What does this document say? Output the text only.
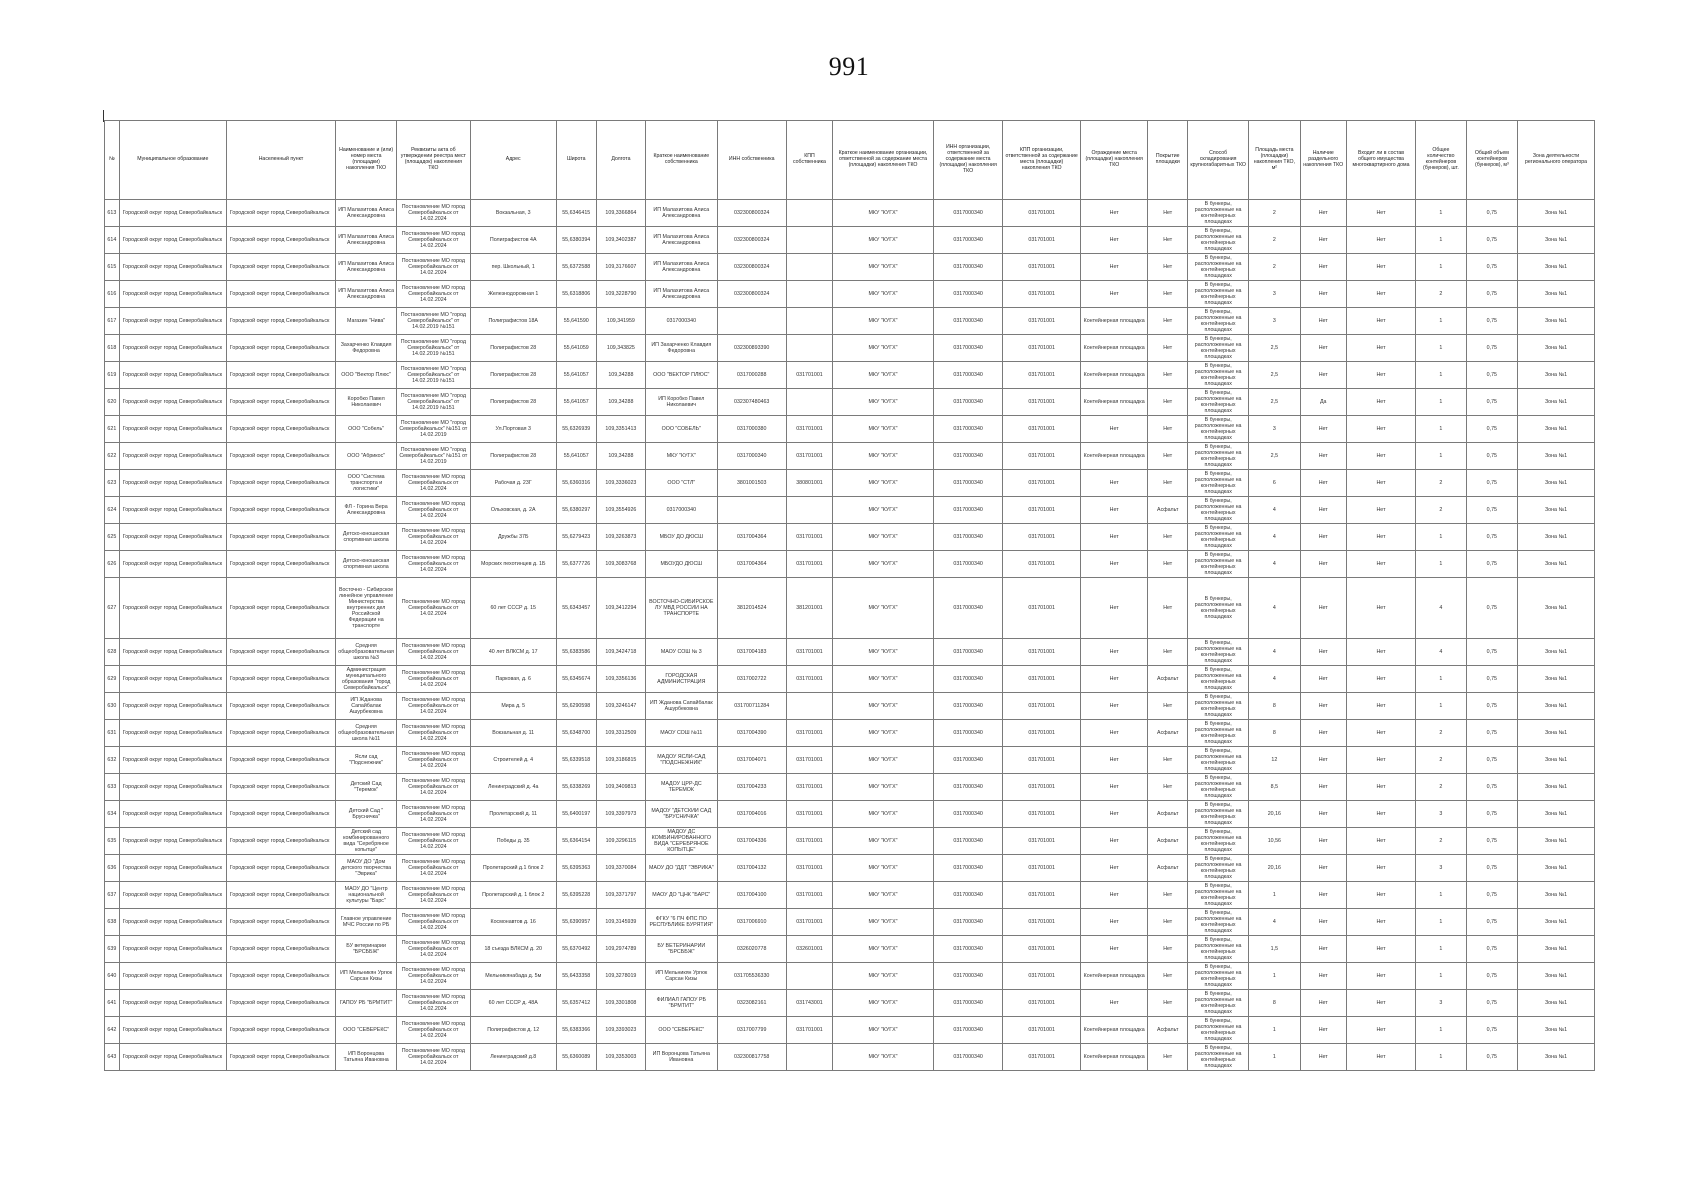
991
№	Муниципальное образование	Населенный пункт	Наименование и (или) номер места (площадки) накопления ТКО	Реквизиты акта об утверждении реестра мест (площадок) накопления ТКО	Адрес	Широта	Долгота	Краткое наименование собственника	ИНН собственника	КПП собственника	Краткое наименование организации, ответственной за содержание места (площадки) накопления ТКО	ИНН организации, ответственной за содержание места (площадки) накопления ТКО	КПП организации, ответственной за содержание места (площадки) накопления ТКО	Ограждение места (площадки) накопления ТКО	Покрытие площадки	Способ складирования крупногабаритных ТКО	Площадь места (площадки) накопления ТКО, м²	Наличие раздельного накопления ТКО	Входит ли в состав общего имущества многоквартирного дома	Общее количество контейнеров (бункеров), шт.	Общий объем контейнеров (бункеров), м³	Зона деятельности регионального оператора

613	Городской округ город Северобайкальск	Городской округ город Северобайкальск	ИП Малахитова Алиса Александровна	Постановление МО город Северобайкальск от 14.02.2024	Вокзальная, 3	55,6346415	109,3366864	ИП Малахитова Алиса Александровна	032300800324		МКУ "КУГХ"	0317000340	031701001	Нет	Нет	В бункеры, расположенные на контейнерных площадках	2	Нет	Нет	1	0,75	Зона №1

614	Городской округ город Северобайкальск	Городской округ город Северобайкальск	ИП Малахитова Алиса Александровна	Постановление МО город Северобайкальск от 14.02.2024	Полиграфистов 4А	55,6380394	109,3402387	ИП Малахитова Алиса Александровна	032300800324		МКУ "КУГХ"	0317000340	031701001	Нет	Нет	В бункеры, расположенные на контейнерных площадках	2	Нет	Нет	1	0,75	Зона №1

615	Городской округ город Северобайкальск	Городской округ город Северобайкальск	ИП Малахитова Алиса Александровна	Постановление МО город Северобайкальск от 14.02.2024	пер. Школьный, 1	55,6372588	109,3176607	ИП Малахитова Алиса Александровна	032300800324		МКУ "КУГХ"	0317000340	031701001	Нет	Нет	В бункеры, расположенные на контейнерных площадках	2	Нет	Нет	1	0,75	Зона №1

616	Городской округ город Северобайкальск	Городской округ город Северобайкальск	ИП Малахитова Алиса Александровна	Постановление МО город Северобайкальск от 14.02.2024	Железнодорожная 1	55,6318806	109,3228790	ИП Малахитова Алиса Александровна	032300800324		МКУ "КУГХ"	0317000340	031701001	Нет	Нет	В бункеры, расположенные на контейнерных площадках	3	Нет	Нет	2	0,75	Зона №1

617	Городской округ город Северобайкальск	Городской округ город Северобайкальск	Магазин "Нива"	Постановление МО "город Северобайкальск" от 14.02.2019 №151	Полиграфистов 18А	55,641590	109,341959	0317000340			МКУ "КУГХ"	0317000340	031701001	Контейнерная площадка	Нет	В бункеры, расположенные на контейнерных площадках	3	Нет	Нет	1	0,75	Зона №1

618	Городской округ город Северобайкальск	Городской округ город Северобайкальск	Захарченко Клавдия Федоровна	Постановление МО "город Северобайкальск" от 14.02.2019 №151	Полиграфистов 28	55,641059	109,343825	ИП Захарченко Клавдия Федоровна	032300893390		МКУ "КУГХ"	0317000340	031701001	Контейнерная площадка	Нет	В бункеры, расположенные на контейнерных площадках	2,5	Нет	Нет	1	0,75	Зона №1

619	Городской округ город Северобайкальск	Городской округ город Северобайкальск	ООО "Вектор Плюс"	Постановление МО "город Северобайкальск" от 14.02.2019 №151	Полиграфистов 28	55,641057	109,34288	ООО "ВЕКТОР ПЛЮС"	0317000288	031701001	МКУ "КУГХ"	0317000340	031701001	Контейнерная площадка	Нет	В бункеры, расположенные на контейнерных площадках	2,5	Нет	Нет	1	0,75	Зона №1

620	Городской округ город Северобайкальск	Городской округ город Северобайкальск	Коробко Павел Николаевич	Постановление МО "город Северобайкальск" от 14.02.2019 №151	Полиграфистов 28	55,641057	109,34288	ИП Коробко Павел Николаевич	032307480463		МКУ "КУГХ"	0317000340	031701001	Контейнерная площадка	Нет	В бункеры, расположенные на контейнерных площадках	2,5	Да	Нет	1	0,75	Зона №1

621	Городской округ город Северобайкальск	Городской округ город Северобайкальск	ООО "Собель"	Постановление МО "город Северобайкальск" №151 от 14.02.2019	Ул.Портовая 3	55,6326939	109,3351413	ООО "СОБЕЛЬ"	0317000380	031701001	МКУ "КУГХ"	0317000340	031701001	Нет	Нет	В бункеры, расположенные на контейнерных площадках	3	Нет	Нет	1	0,75	Зона №1

622	Городской округ город Северобайкальск	Городской округ город Северобайкальск	ООО "Абрикос"	Постановление МО "город Северобайкальск" №151 от 14.02.2019	Полиграфистов 28	55,641057	109,34288	МКУ "КУГХ"	0317000340	031701001	МКУ "КУГХ"	0317000340	031701001	Контейнерная площадка	Нет	В бункеры, расположенные на контейнерных площадках	2,5	Нет	Нет	1	0,75	Зона №1

623	Городской округ город Северобайкальск	Городской округ город Северобайкальск	ООО "Система транспорта и логистики"	Постановление МО город Северобайкальск от 14.02.2024	Рабочая д. 23Г	55,6360316	109,3336023	ООО "СТЛ"	3801001503	380801001	МКУ "КУГХ"	0317000340	031701001	Нет	Нет	В бункеры, расположенные на контейнерных площадках	6	Нет	Нет	2	0,75	Зона №1

624	Городской округ город Северобайкальск	Городской округ город Северобайкальск	ФЛ - Горина Вера Александровна	Постановление МО город Северобайкальск от 14.02.2024	Ольховская, д. 2А	55,6380297	109,3554926	0317000340			МКУ "КУГХ"	0317000340	031701001	Нет	Асфальт	В бункеры, расположенные на контейнерных площадках	4	Нет	Нет	2	0,75	Зона №1

625	Городской округ город Северобайкальск	Городской округ город Северобайкальск	Детско-юношеская спортивная школа	Постановление МО город Северобайкальск от 14.02.2024	Дружбы 37Б	55,6279423	109,3263873	МБОУ ДО ДЮСШ	0317004364	031701001	МКУ "КУГХ"	0317000340	031701001	Нет	Нет	В бункеры, расположенные на контейнерных площадках	4	Нет	Нет	1	0,75	Зона №1

626	Городской округ город Северобайкальск	Городской округ город Северобайкальск	Детско-юношеская спортивная школа	Постановление МО город Северобайкальск от 14.02.2024	Морских пехотинцев д. 1Б	55,6377726	109,3083768	МБОУДО ДЮСШ	0317004364	031701001	МКУ "КУГХ"	0317000340	031701001	Нет	Нет	В бункеры, расположенные на контейнерных площадках	4	Нет	Нет	1	0,75	Зона №1

627	Городской округ город Северобайкальск	Городской округ город Северобайкальск	Восточно - Сибирское линейное управление Министерства внутренних дел Российской Федерации на транспорте	Постановление МО город Северобайкальск от 14.02.2024	60 лет СССР д. 15	55,6343457	109,3412294	ВОСТОЧНО-СИБИРСКОЕ ЛУ МВД РОССИИ НА ТРАНСПОРТЕ	3812014524	381201001	МКУ "КУГХ"	0317000340	031701001	Нет	Нет	В бункеры, расположенные на контейнерных площадках	4	Нет	Нет	4	0,75	Зона №1

628	Городской округ город Северобайкальск	Городской округ город Северобайкальск	Средняя общеобразовательная школа №3	Постановление МО город Северобайкальск от 14.02.2024	40 лет ВЛКСМ д. 17	55,6383586	109,3424718	МАОУ СОШ № 3	0317004183	031701001	МКУ "КУГХ"	0317000340	031701001	Нет	Нет	В бункеры, расположенные на контейнерных площадках	4	Нет	Нет	4	0,75	Зона №1

629	Городской округ город Северобайкальск	Городской округ город Северобайкальск	Администрация муниципального образования "город Северобайкальск"	Постановление МО город Северобайкальск от 14.02.2024	Парковая, д. 6	55,6345674	109,3356136	ГОРОДСКАЯ АДМИНИСТРАЦИЯ	0317002722	031701001	МКУ "КУГХ"	0317000340	031701001	Нет	Асфальт	В бункеры, расположенные на контейнерных площадках	4	Нет	Нет	1	0,75	Зона №1

630	Городской округ город Северобайкальск	Городской округ город Северобайкальск	ИП Жданова Сапайбалак Ашурбековна	Постановление МО город Северобайкальск от 14.02.2024	Мира д. 5	55,6290598	109,3246147	ИП Жданова Сапайбалак Ашурбековна	031700711284		МКУ "КУГХ"	0317000340	031701001	Нет	Нет	В бункеры, расположенные на контейнерных площадках	8	Нет	Нет	1	0,75	Зона №1

631	Городской округ город Северобайкальск	Городской округ город Северобайкальск	Средняя общеобразовательная школа №11	Постановление МО город Северобайкальск от 14.02.2024	Вокзальная д. 11	55,6348700	109,3312509	МАОУ СОШ №11	0317004390	031701001	МКУ "КУГХ"	0317000340	031701001	Нет	Асфальт	В бункеры, расположенные на контейнерных площадках	8	Нет	Нет	2	0,75	Зона №1

632	Городской округ город Северобайкальск	Городской округ город Северобайкальск	Ясли сад "Подснежник"	Постановление МО город Северобайкальск от 14.02.2024	Строителей д. 4	55,6339518	109,3186815	МАДОУ ЯСЛИ-САД "ПОДСНЕЖНИК"	0317004071	031701001	МКУ "КУГХ"	0317000340	031701001	Нет	Нет	В бункеры, расположенные на контейнерных площадках	12	Нет	Нет	2	0,75	Зона №1

633	Городской округ город Северобайкальск	Городской округ город Северобайкальск	Детский Сад "Теремок"	Постановление МО город Северобайкальск от 14.02.2024	Ленинградский д. 4а	55,6338269	109,3409813	МАДОУ ЦРР-ДС ТЕРЕМОК	0317004233	031701001	МКУ "КУГХ"	0317000340	031701001	Нет	Нет	В бункеры, расположенные на контейнерных площадках	8,5	Нет	Нет	2	0,75	Зона №1

634	Городской округ город Северобайкальск	Городской округ город Северобайкальск	Детский Сад " Брусничка"	Постановление МО город Северобайкальск от 14.02.2024	Пролетарский д. 11	55,6400197	109,3397973	МАДОУ "ДЕТСКИЙ САД "БРУСНИЧКА"	0317004016	031701001	МКУ "КУГХ"	0317000340	031701001	Нет	Асфальт	В бункеры, расположенные на контейнерных площадках	20,16	Нет	Нет	3	0,75	Зона №1

635	Городской округ город Северобайкальск	Городской округ город Северобайкальск	Детский сад комбинированного вида "Серебряное копытце"	Постановление МО город Северобайкальск от 14.02.2024	Победы д. 35	55,6364154	109,3296115	МАДОУ ДС КОМБИНИРОВАННОГО ВИДА "СЕРЕБРЯНОЕ КОПЫТЦЕ"	0317004336	031701001	МКУ "КУГХ"	0317000340	031701001	Нет	Асфальт	В бункеры, расположенные на контейнерных площадках	10,56	Нет	Нет	2	0,75	Зона №1

636	Городской округ город Северобайкальск	Городской округ город Северобайкальск	МАОУ ДО "Дом детского творчества "Эврика"	Постановление МО город Северобайкальск от 14.02.2024	Пролетарский д.1 блок 2	55,6395363	109,3370084	МАОУ ДО "ДДТ "ЭВРИКА"	0317004132	031701001	МКУ "КУГХ"	0317000340	031701001	Нет	Асфальт	В бункеры, расположенные на контейнерных площадках	20,16	Нет	Нет	3	0,75	Зона №1

637	Городской округ город Северобайкальск	Городской округ город Северобайкальск	МАОУ ДО "Центр национальной культуры "Барс"	Постановление МО город Северобайкальск от 14.02.2024	Пролетарский д. 1 блок 2	55,6395228	109,3371797	МАОУ ДО "ЦНК "БАРС"	0317004100	031701001	МКУ "КУГХ"	0317000340	031701001	Нет	Нет	В бункеры, расположенные на контейнерных площадках	1	Нет	Нет	1	0,75	Зона №1

638	Городской округ город Северобайкальск	Городской округ город Северобайкальск	Главное управление МЧС России по РБ	Постановление МО город Северобайкальск от 14.02.2024	Космонавтов д. 16	55,6390957	109,3145939	ФГКУ "6 ПЧ ФПС ПО РЕСПУБЛИКЕ БУРЯТИЯ"	0317006910	031701001	МКУ "КУГХ"	0317000340	031701001	Нет	Нет	В бункеры, расположенные на контейнерных площадках	4	Нет	Нет	1	0,75	Зона №1

639	Городской округ город Северобайкальск	Городской округ город Северобайкальск	БУ ветеринарии "БРСББЖ"	Постановление МО город Северобайкальск от 14.02.2024	18 съезда ВЛКСМ д. 20	55,6370492	109,2974789	БУ ВЕТЕРИНАРИИ "БРСББЖ"	0326020778	032601001	МКУ "КУГХ"	0317000340	031701001	Нет	Нет	В бункеры, расположенные на контейнерных площадках	1,5	Нет	Нет	1	0,75	Зона №1

640	Городской округ город Северобайкальск	Городской округ город Северобайкальск	ИП Мельникян Ургюк Сарсан Кизы	Постановление МО город Северобайкальск от 14.02.2024	Мельникянабада д. 5м	55,6433358	109,3278019	ИП Мельникян Ургюк Сарсан Кизы	031705536330		МКУ "КУГХ"	0317000340	031701001	Контейнерная площадка	Нет	В бункеры, расположенные на контейнерных площадках	1	Нет	Нет	1	0,75	Зона №1

641	Городской округ город Северобайкальск	Городской округ город Северобайкальск	ГАПОУ РБ "БРМТИТ"	Постановление МО город Северобайкальск от 14.02.2024	60 лет СССР д. 48А	55,6357412	109,3301808	ФИЛИАЛ ГАПОУ РБ "БРМТИТ"	0323082161	031743001	МКУ "КУГХ"	0317000340	031701001	Нет	Нет	В бункеры, расположенные на контейнерных площадках	8	Нет	Нет	3	0,75	Зона №1

642	Городской округ город Северобайкальск	Городской округ город Северобайкальск	ООО "СЕВЕРЕКС"	Постановление МО город Северобайкальск от 14.02.2024	Полиграфистов д. 12	55,6383366	109,3393023	ООО "СЕВЕРЕКС"	0317007799	031701001	МКУ "КУГХ"	0317000340	031701001	Контейнерная площадка	Асфальт	В бункеры, расположенные на контейнерных площадках	1	Нет	Нет	1	0,75	Зона №1

643	Городской округ город Северобайкальск	Городской округ город Северобайкальск	ИП Воронцова Татьяна Ивановна	Постановление МО город Северобайкальск от 14.02.2024	Ленинградский д.8	55,6360089	109,3353003	ИП Воронцова Татьяна Ивановна	032300817758		МКУ "КУГХ"	0317000340	031701001	Контейнерная площадка	Нет	В бункеры, расположенные на контейнерных площадках	1	Нет	Нет	1	0,75	Зона №1
